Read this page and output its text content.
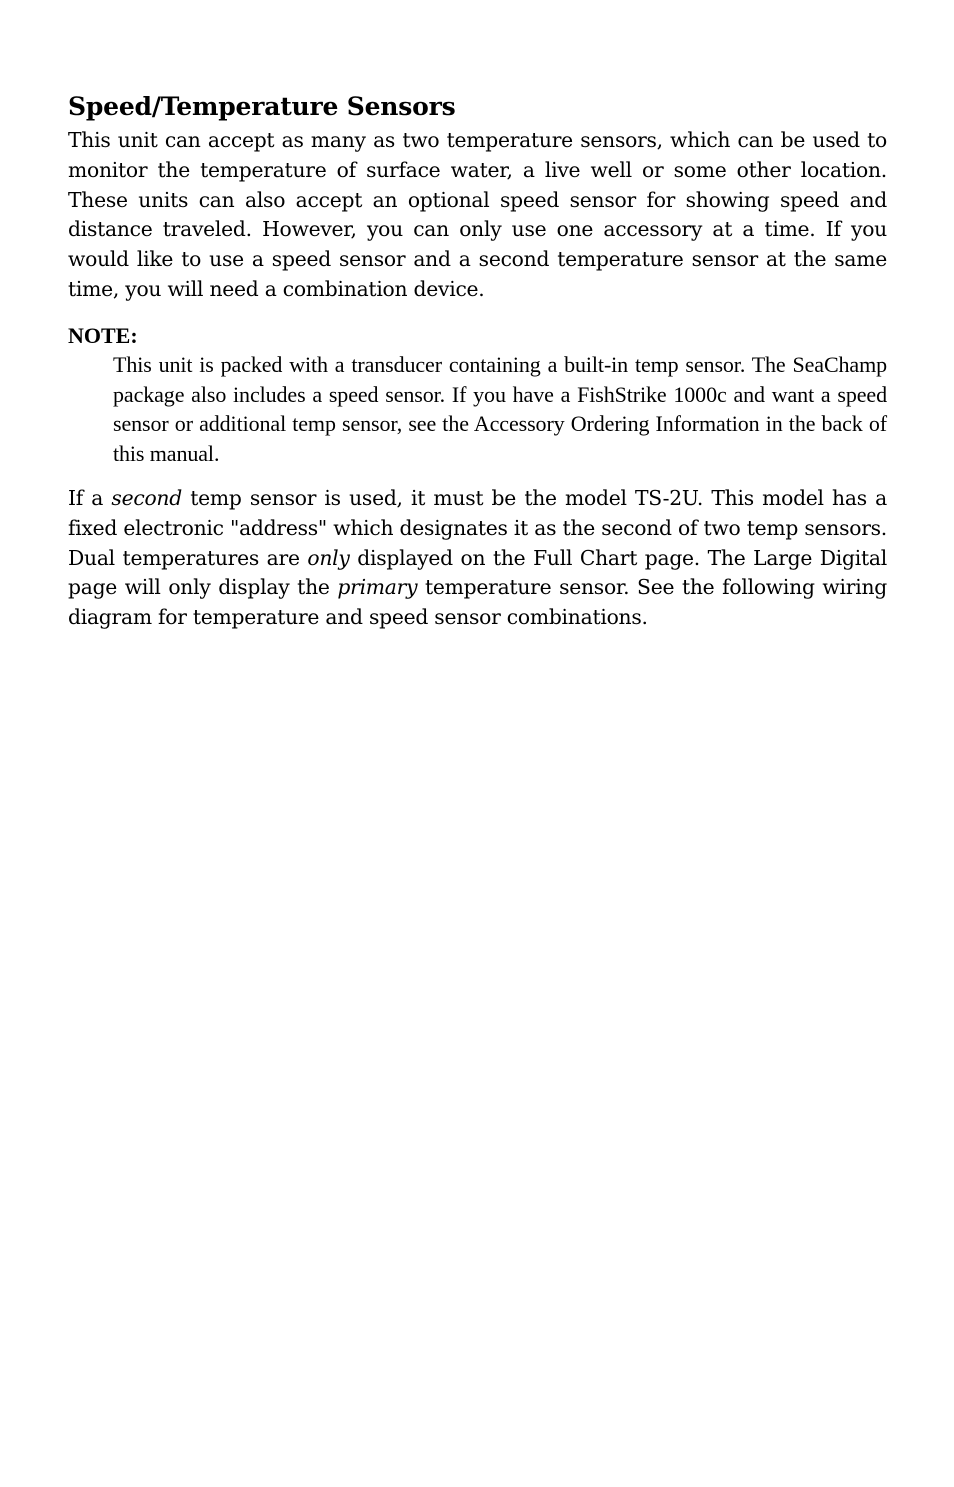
Speed/Temperature Sensors

This unit can accept as many as two temperature sensors, which can be used to monitor the temperature of surface water, a live well or some other location. These units can also accept an optional speed sensor for showing speed and distance traveled. However, you can only use one accessory at a time. If you would like to use a speed sensor and a second temperature sensor at the same time, you will need a combination device.

NOTE:

This unit is packed with a transducer containing a built-in temp sensor. The SeaChamp package also includes a speed sensor. If you have a FishStrike 1000c and want a speed sensor or additional temp sensor, see the Accessory Ordering Information in the back of this manual.

If a second temp sensor is used, it must be the model TS-2U. This model has a fixed electronic "address" which designates it as the second of two temp sensors. Dual temperatures are only displayed on the Full Chart page. The Large Digital page will only display the primary temperature sensor. See the following wiring diagram for temperature and speed sensor combinations.
